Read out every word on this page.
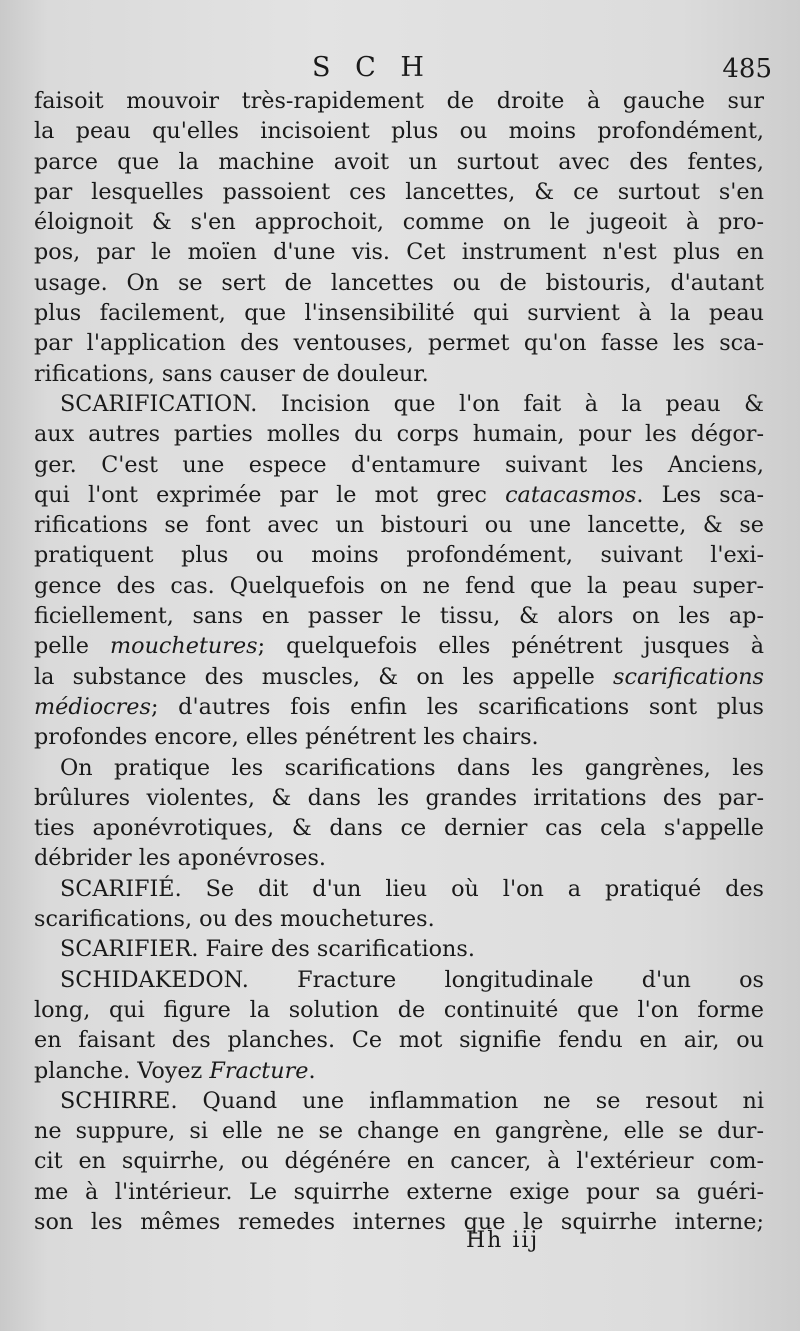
S C H	485
faisoit mouvoir très-rapidement de droite à gauche sur
la peau qu'elles incisoient plus ou moins profondément,
parce que la machine avoit un surtout avec des fentes,
par lesquelles passoient ces lancettes, & ce surtout s'en
éloignoit & s'en approchoit, comme on le jugeoit à pro-
pos, par le moïen d'une vis. Cet instrument n'est plus en
usage. On se sert de lancettes ou de bistouris, d'autant
plus facilement, que l'insensibilité qui survient à la peau
par l'application des ventouses, permet qu'on fasse les sca-
rifications, sans causer de douleur.
SCARIFICATION. Incision que l'on fait à la peau &
aux autres parties molles du corps humain, pour les dégor-
ger. C'est une espece d'entamure suivant les Anciens,
qui l'ont exprimée par le mot grec catacasmos. Les sca-
rifications se font avec un bistouri ou une lancette, & se
pratiquent plus ou moins profondément, suivant l'exi-
gence des cas. Quelquefois on ne fend que la peau super-
ficiellement, sans en passer le tissu, & alors on les ap-
pelle mouchetures; quelquefois elles pénétrent jusques à
la substance des muscles, & on les appelle scarifications
médiocres; d'autres fois enfin les scarifications sont plus
profondes encore, elles pénétrent les chairs.
On pratique les scarifications dans les gangrènes, les
brûlures violentes, & dans les grandes irritations des par-
ties aponévrotiques, & dans ce dernier cas cela s'appelle
débrider les aponévroses.
SCARIFIÉ. Se dit d'un lieu où l'on a pratiqué des
scarifications, ou des mouchetures.
SCARIFIER. Faire des scarifications.
SCHIDAKEDON. Fracture longitudinale d'un os
long, qui figure la solution de continuité que l'on forme
en faisant des planches. Ce mot signifie fendu en air, ou
planche. Voyez Fracture.
SCHIRRE. Quand une inflammation ne se resout ni
ne suppure, si elle ne se change en gangrène, elle se dur-
cit en squirrhe, ou dégénére en cancer, à l'extérieur com-
me à l'intérieur. Le squirrhe externe exige pour sa guéri-
son les mêmes remedes internes que le squirrhe interne;
Hh iij
